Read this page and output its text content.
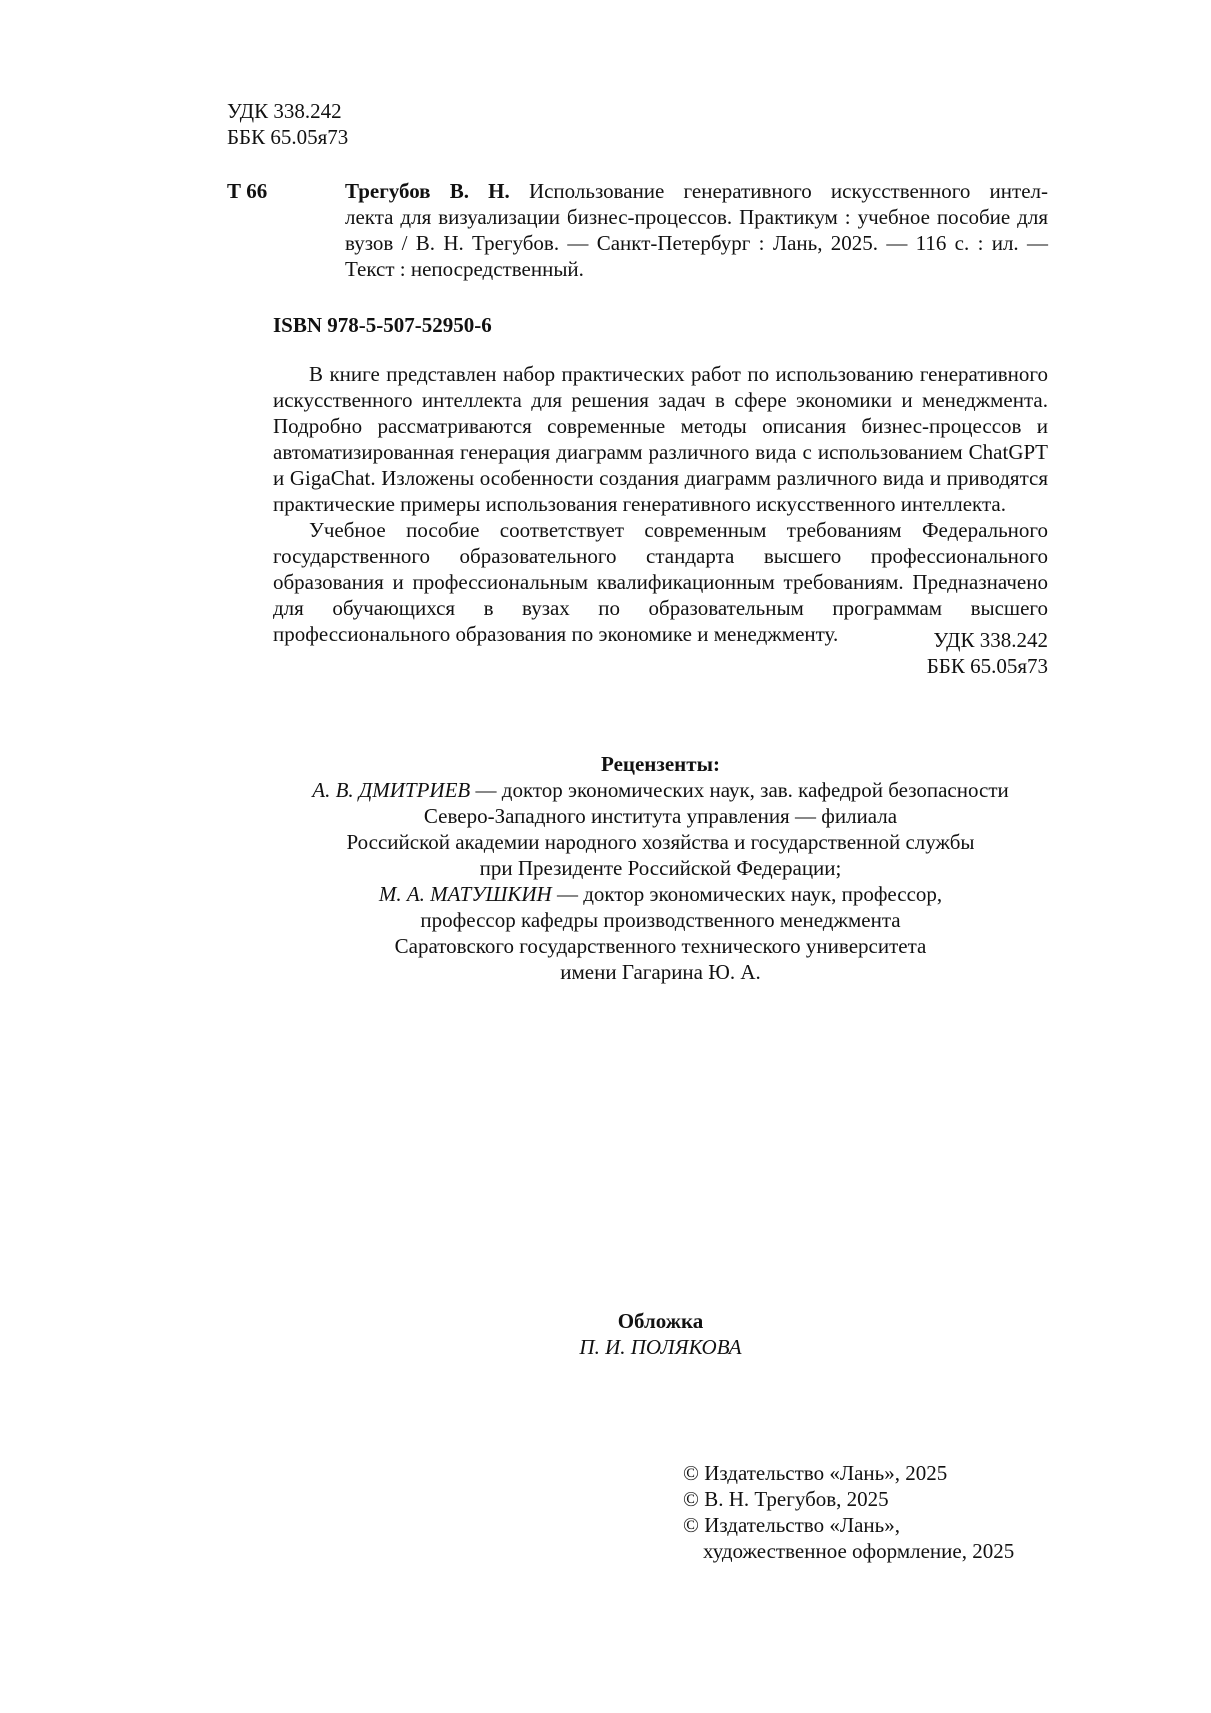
УДК 338.242
ББК 65.05я73
Т 66	Трегубов В. Н. Использование генеративного искусственного интел-
лекта для визуализации бизнес-процессов. Практикум : учебное пособие для
вузов / В. Н. Трегубов. — Санкт-Петербург : Лань, 2025. — 116 с. : ил. —
Текст : непосредственный.
ISBN 978-5-507-52950-6

В книге представлен набор практических работ по использованию генеративного искусственного интеллекта для решения задач в сфере экономики и менеджмента. Подробно рассматриваются современные методы описания бизнес-процессов и автоматизированная генерация диаграмм различного вида с использованием ChatGPT и GigaChat. Изложены особенности создания диаграмм различного вида и приводятся практические примеры использования генеративного искусственного интеллекта.

Учебное пособие соответствует современным требованиям Федерального государственного образовательного стандарта высшего профессионального образования и профессиональным квалификационным требованиям. Предназначено для обучающихся в вузах по образовательным программам высшего профессионального образования по экономике и менеджменту.	УДК 338.242
ББК 65.05я73
Рецензенты:
А. В. ДМИТРИЕВ — доктор экономических наук, зав. кафедрой безопасности
Северо-Западного института управления — филиала
Российской академии народного хозяйства и государственной службы
при Президенте Российской Федерации;
М. А. МАТУШКИН — доктор экономических наук, профессор,
профессор кафедры производственного менеджмента
Саратовского государственного технического университета
имени Гагарина Ю. А.
Обложка
П. И. ПОЛЯКОВА
© Издательство «Лань», 2025
© В. Н. Трегубов, 2025
© Издательство «Лань»,
художественное оформление, 2025
